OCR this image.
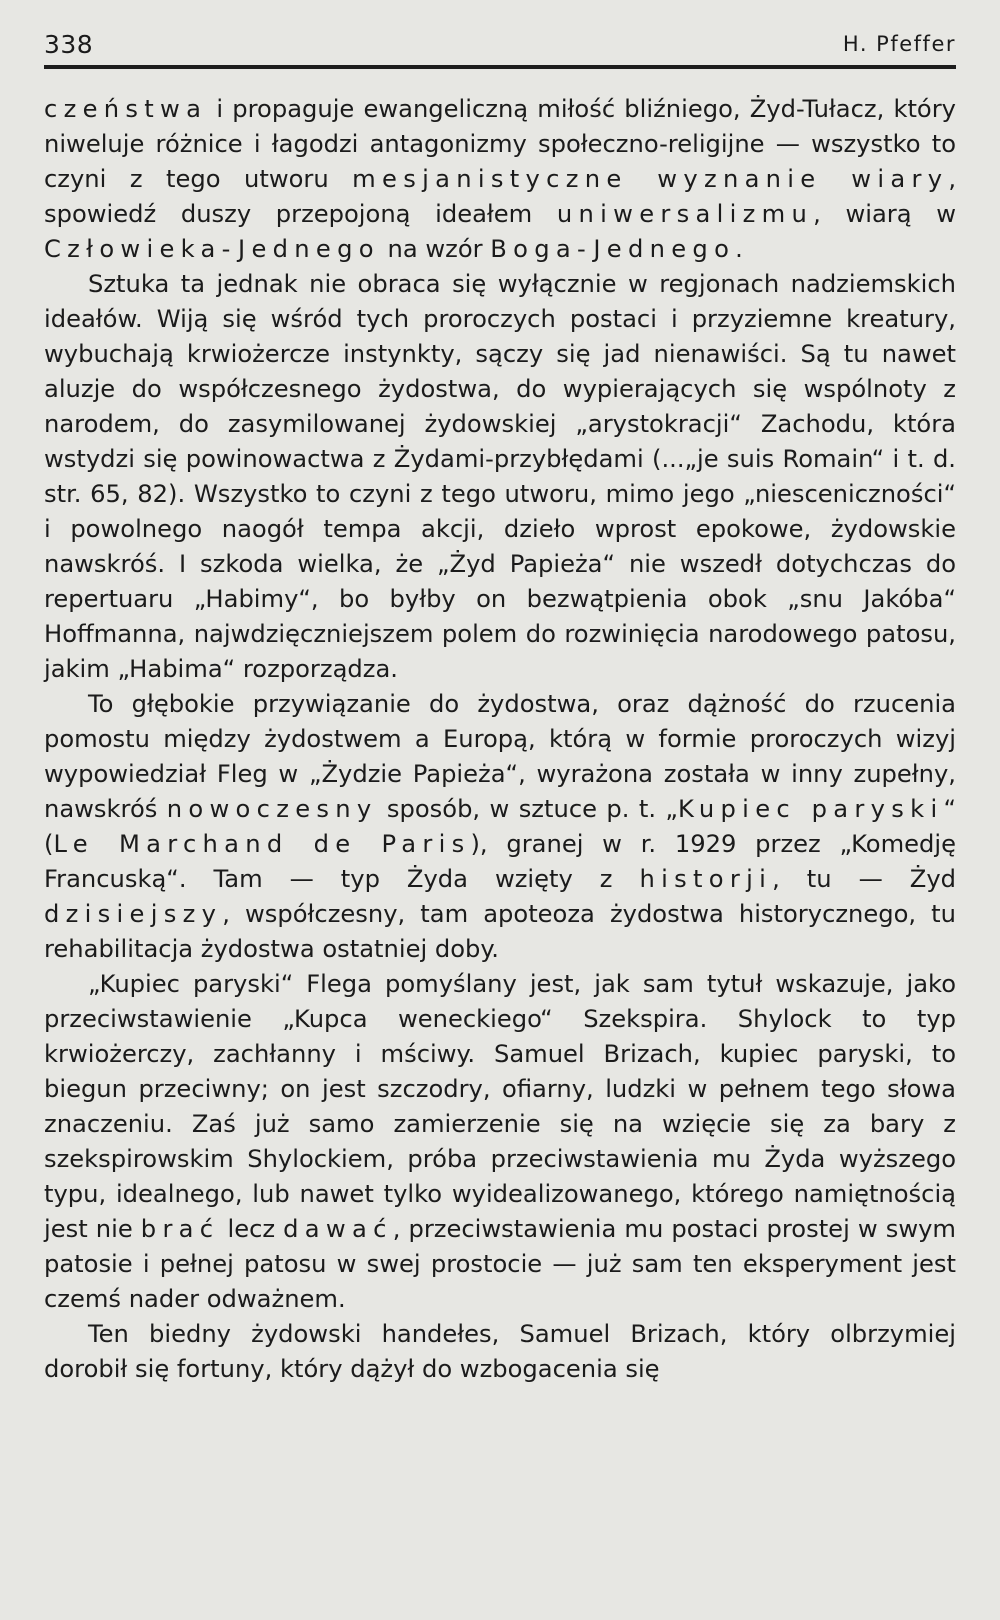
338	H. Pfeffer

czeństwa i propaguje ewangeliczną miłość bliźniego, Żyd-Tułacz, który niweluje różnice i łagodzi antagonizmy społeczno-religijne — wszystko to czyni z tego utworu mesjanistyczne wyznanie wiary, spowiedź duszy przepojoną ideałem uniwersalizmu, wiarą w Człowieka-Jednego na wzór Boga-Jednego.

Sztuka ta jednak nie obraca się wyłącznie w regjonach nadziemskich ideałów. Wiją się wśród tych proroczych postaci i przyziemne kreatury, wybuchają krwiożercze instynkty, sączy się jad nienawiści. Są tu nawet aluzje do współczesnego żydostwa, do wypierających się wspólnoty z narodem, do zasymilowanej żydowskiej „arystokracji“ Zachodu, która wstydzi się powinowactwa z Żydami-przybłędami (...„je suis Romain“ i t. d. str. 65, 82). Wszystko to czyni z tego utworu, mimo jego „niesceniczności“ i powolnego naogół tempa akcji, dzieło wprost epokowe, żydowskie nawskróś. I szkoda wielka, że „Żyd Papieża“ nie wszedł dotychczas do repertuaru „Habimy“, bo byłby on bezwątpienia obok „snu Jakóba“ Hoffmanna, najwdzięczniejszem polem do rozwinięcia narodowego patosu, jakim „Habima“ rozporządza.

To głębokie przywiązanie do żydostwa, oraz dążność do rzucenia pomostu między żydostwem a Europą, którą w formie proroczych wizyj wypowiedział Fleg w „Żydzie Papieża“, wyrażona została w inny zupełny, nawskróś nowoczesny sposób, w sztuce p. t. „Kupiec paryski“ (Le Marchand de Paris), granej w r. 1929 przez „Komedję Francuską“. Tam — typ Żyda wzięty z historji, tu — Żyd dzisiejszy, współczesny, tam apoteoza żydostwa historycznego, tu rehabilitacja żydostwa ostatniej doby.

„Kupiec paryski“ Flega pomyślany jest, jak sam tytuł wskazuje, jako przeciwstawienie „Kupca weneckiego“ Szekspira. Shylock to typ krwiożerczy, zachłanny i mściwy. Samuel Brizach, kupiec paryski, to biegun przeciwny; on jest szczodry, ofiarny, ludzki w pełnem tego słowa znaczeniu. Zaś już samo zamierzenie się na wzięcie się za bary z szekspirowskim Shylockiem, próba przeciwstawienia mu Żyda wyższego typu, idealnego, lub nawet tylko wyidealizowanego, którego namiętnością jest nie brać lecz dawać, przeciwstawienia mu postaci prostej w swym patosie i pełnej patosu w swej prostocie — już sam ten eksperyment jest czemś nader odważnem.

Ten biedny żydowski handełes, Samuel Brizach, który olbrzymiej dorobił się fortuny, który dążył do wzbogacenia się
